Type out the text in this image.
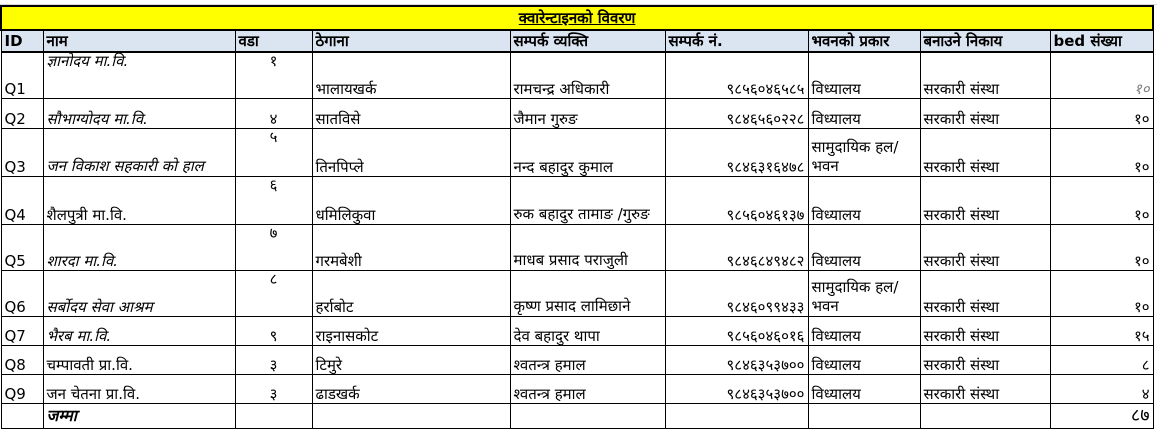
क्वारेन्टाइनको विवरण								
ID	नाम	वडा	ठेगाना	सम्पर्क व्यक्ति	सम्पर्क नं.	भवनको प्रकार	बनाउने निकाय	bed संख्या
Q1	ज्ञानोदय मा.वि.	१	भालायखर्क	रामचन्द्र अधिकारी	९८५६०४६५८५	विध्यालय	सरकारी संस्था	१०
Q2	सौभाग्योदय मा.वि.	४	सातविसे	जैमान गुरुङ	९८४६५६०२२८	विध्यालय	सरकारी संस्था	१०
Q3	जन विकाश सहकारी को हाल	५	तिनपिप्ले	नन्द बहादुर कुमाल	९८४६३१६४७८	सामुदायिक हल/भवन	सरकारी संस्था	१०
Q4	शैलपुत्री मा.वि.	६	धमिलिकुवा	रुक बहादुर तामाङ /गुरुङ	९८५६०४६१३७	विध्यालय	सरकारी संस्था	१०
Q5	शारदा मा.वि.	७	गरमबेशी	माधब प्रसाद पराजुली	९८४६८४९४८२	विध्यालय	सरकारी संस्था	१०
Q6	सर्बोदय सेवा आश्रम	८	हर्राबोट	कृष्ण प्रसाद लामिछाने	९८४६०९९४३३	सामुदायिक हल/भवन	सरकारी संस्था	१०
Q7	भैरब मा.वि.	९	राइनासकोट	देव बहादुर थापा	९८५६०४६०१६	विध्यालय	सरकारी संस्था	१५
Q8	चम्पावती प्रा.वि.	३	टिमुरे	श्वतन्त्र हमाल	९८४६३५३७००	विध्यालय	सरकारी संस्था	८
Q9	जन चेतना प्रा.वि.	३	ढाडखर्क	श्वतन्त्र हमाल	९८४६३५३७००	विध्यालय	सरकारी संस्था	४
	जम्मा							८७
